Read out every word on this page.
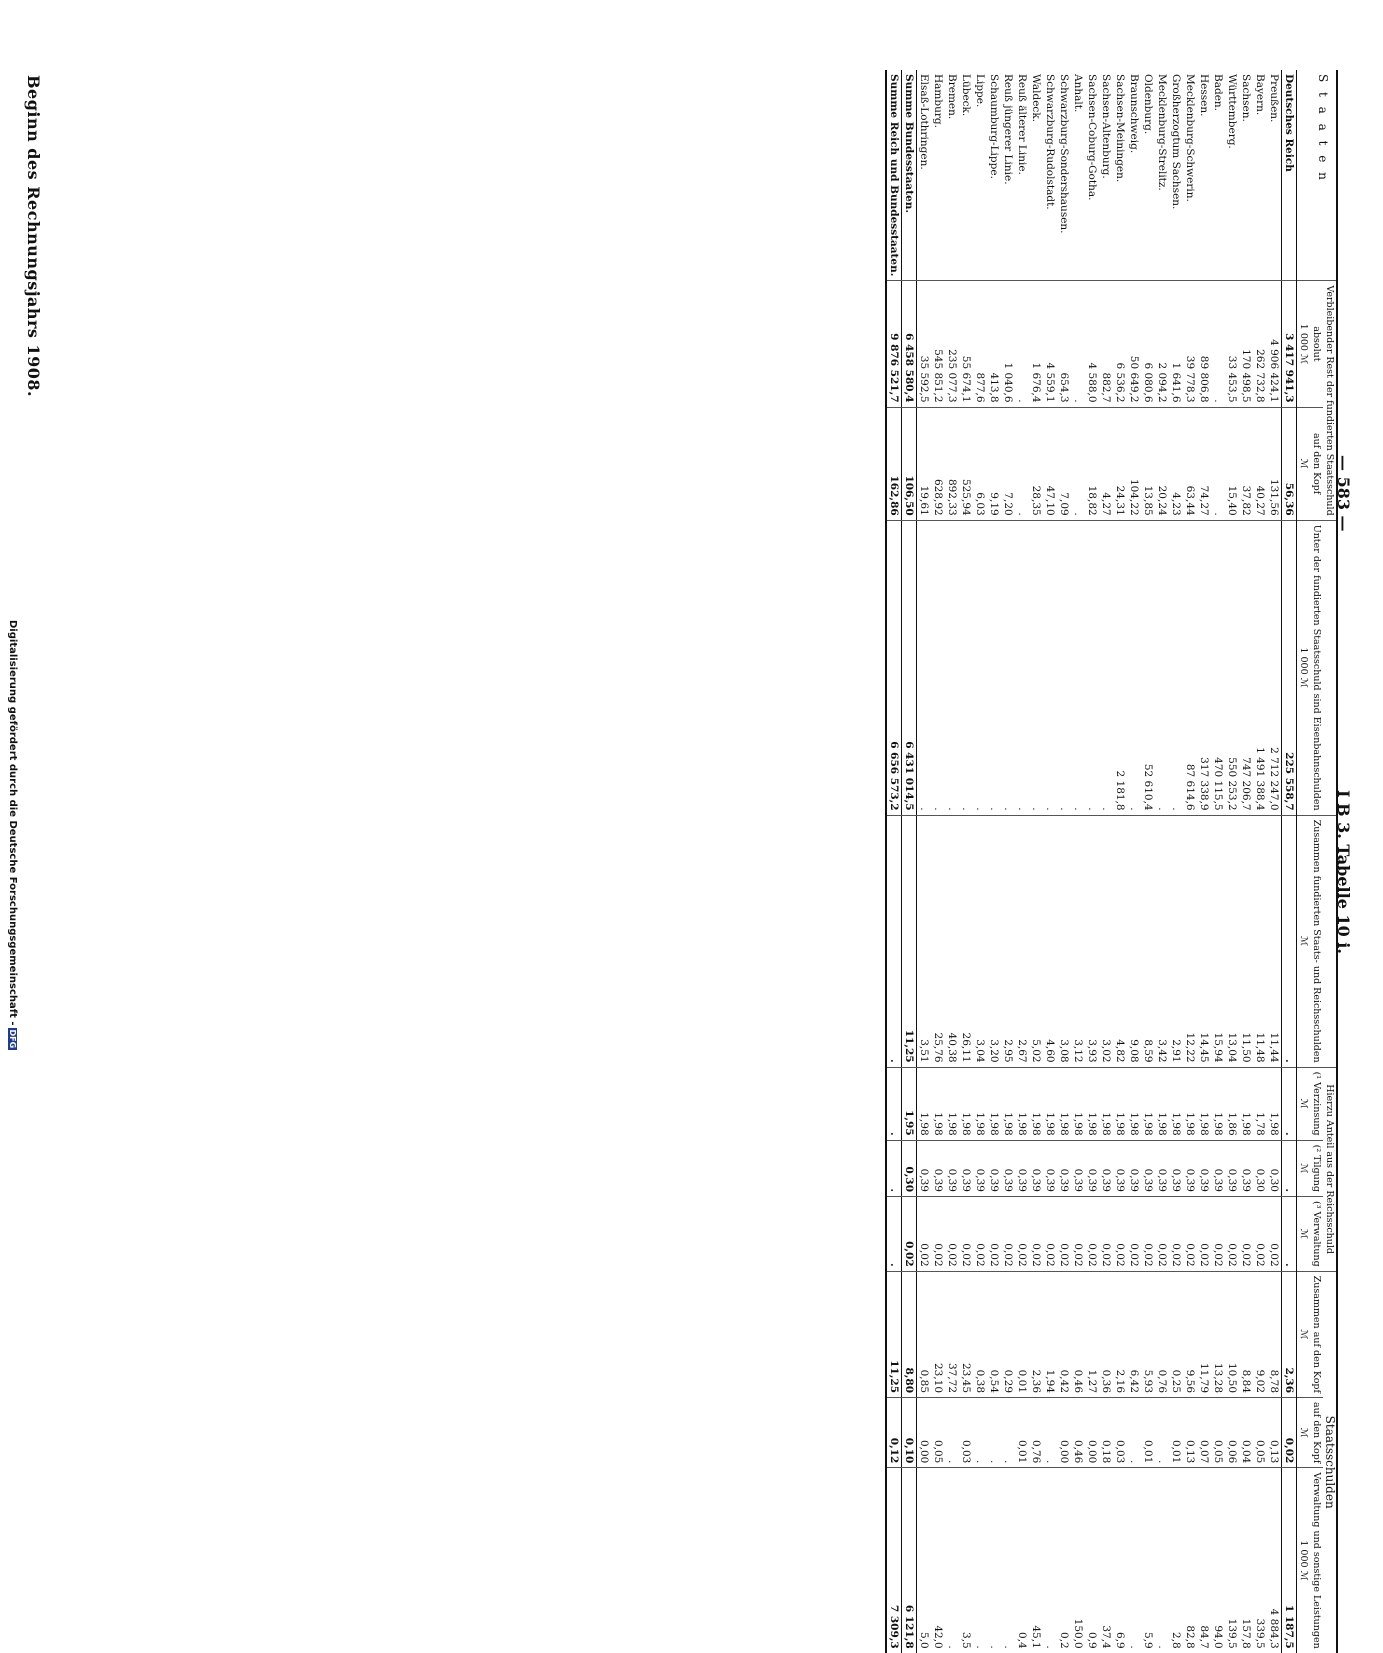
— 583 —
I B 3. Tabelle 10 i.
Digitalisierung gefördert durch die Deutsche Forschungsgemeinschaft -DFG
Beginn des Rechnungsjahrs 1908.	S t a a t e n	Verbleibender Rest der fundierten Staatsschuld		Unter der fundierten Staatsschuld sind Eisenbahnschulden	Zusammen fundierten Staats- und Reichsschulden	Hierzu Anteil aus der Reichsschuld			Staatsschulden		
	absolut	auf den Kopf			(¹ Verzinsung	(² Tilgung	(³ Verwaltung	Zusammen auf den Kopf	auf den Kopf	Verwaltung und sonstige Leistungen
	1 000 ℳ	ℳ	1 000 ℳ	ℳ	ℳ	ℳ	ℳ	ℳ	ℳ	1 000 ℳ
Deutsches Reich	3 417 941,3	56,36	225 558,7	.	.	.	.	2,36	0,02	1 187,5
Preußen.	4 906 424,1	131,56	2 712 247,0	11,44	1,98	0,30	0,02	8,78	0,13	4 884,3
Bayern.	262 732,8	40,27	1 491 388,4	11,48	1,78	0,30	0,02	9,02	0,05	339,5
Sachsen.	170 498,5	37,82	747 206,7	11,50	1,98	0,39	0,02	8,84	0,04	157,8
Württemberg.	33 453,5	15,40	550 253,2	13,04	1,86	0,39	0,02	10,50	0,06	139,5
Baden.	.	.	470 115,5	15,94	1,98	0,39	0,02	13,28	0,05	94,0
Hessen.	89 806,8	74,27	317 338,9	14,45	1,98	0,39	0,02	11,79	0,07	84,7
Mecklenburg-Schwerin.	39 778,3	63,44	87 614,6	12,22	1,98	0,39	0,02	9,56	0,13	82,8
Großherzogtum Sachsen.	1 641,6	4,23	.	2,91	1,98	0,39	0,02	0,25	0,01	2,8
Mecklenburg-Strelitz.	2 094,2	20,24	.	3,42	1,98	0,39	0,02	0,76	.	.
Oldenburg.	6 080,6	13,85	52 610,4	8,59	1,98	0,39	0,02	5,93	0,01	5,9
Braunschweig.	50 649,2	104,22	.	9,08	1,98	0,39	0,02	6,42	.	.
Sachsen-Meiningen.	6 536,2	24,31	2 181,8	4,82	1,98	0,39	0,02	2,16	0,03	6,9
Sachsen-Altenburg.	882,7	4,27	.	3,02	1,98	0,39	0,02	0,36	0,18	37,4
Sachsen-Coburg-Gotha.	4 588,0	18,82	.	3,93	1,98	0,39	0,02	1,27	0,00	0,9
Anhalt.	.	.	.	3,12	1,98	0,39	0,02	0,46	0,46	150,0
Schwarzburg-Sondershausen.	654,3	7,09	.	3,08	1,98	0,39	0,02	0,42	0,00	0,2
Schwarzburg-Rudolstadt.	4 559,1	47,10	.	4,60	1,98	0,39	0,02	1,94	.	.
Waldeck.	1 676,4	28,35	.	5,02	1,98	0,39	0,02	2,36	0,76	45,1
Reuß älterer Linie.	.	.	.	2,67	1,98	0,39	0,02	0,01	0,01	0,4
Reuß jüngerer Linie.	1 040,6	7,20	.	2,95	1,98	0,39	0,02	0,29	.	.
Schaumburg-Lippe.	413,8	9,19	.	3,20	1,98	0,39	0,02	0,54	.	.
Lippe.	877,6	6,03	.	3,04	1,98	0,39	0,02	0,38	.	.
Lübeck.	55 674,1	525,94	.	26,11	1,98	0,39	0,02	23,45	0,03	3,5
Bremen.	235 077,3	892,33	.	40,38	1,98	0,39	0,02	37,72	.	.
Hamburg.	545 851,2	628,92	.	25,76	1,98	0,39	0,02	23,10	0,05	42,0
Elsaß-Lothringen.	35 592,5	19,61	.	3,51	1,98	0,39	0,02	0,85	0,00	5,0
Summe Bundesstaaten.	6 458 580,4	106,50	6 431 014,5	11,25	1,95	0,30	0,02	8,80	0,10	6 121,8
Summe Reich und Bundesstaaten.	9 876 521,7	162,86	6 656 573,2	.	.	.	.	11,25	0,12	7 309,3
